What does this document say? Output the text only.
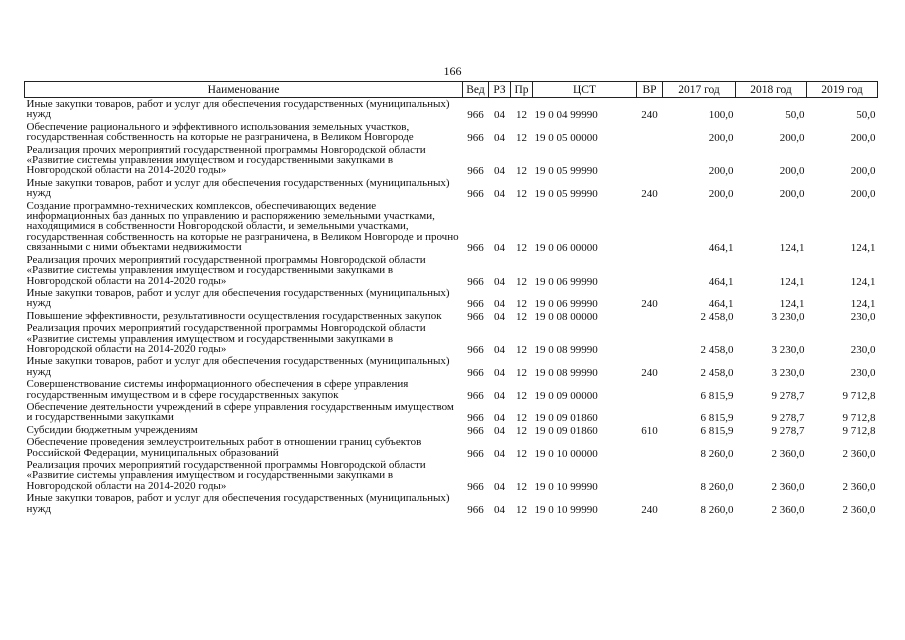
166
Наименование	Вед	РЗ	Пр	ЦСТ	ВР	2017 год	2018 год	2019 год
Иные закупки товаров, работ и услуг для обеспечения государственных (муниципальных) нужд	966	04	12	19 0 04 99990	240	100,0	50,0	50,0
Обеспечение рационального и эффективного использования земельных участков, государственная собственность на которые не разграничена, в Великом Новгороде	966	04	12	19 0 05 00000		200,0	200,0	200,0
Реализация прочих мероприятий государственной программы Новгородской области «Развитие системы управления имуществом и государственными закупками в Новгородской области на 2014-2020 годы»	966	04	12	19 0 05 99990		200,0	200,0	200,0
Иные закупки товаров, работ и услуг для обеспечения государственных (муниципальных) нужд	966	04	12	19 0 05 99990	240	200,0	200,0	200,0
Создание программно-технических комплексов, обеспечивающих ведение информационных баз данных по управлению и распоряжению земельными участками, находящимися в собственности Новгородской области, и земельными участками, государственная собственность на которые не разграничена, в Великом Новгороде и прочно связанными с ними объектами недвижимости	966	04	12	19 0 06 00000		464,1	124,1	124,1
Реализация прочих мероприятий государственной программы Новгородской области «Развитие системы управления имуществом и государственными закупками в Новгородской области на 2014-2020 годы»	966	04	12	19 0 06 99990		464,1	124,1	124,1
Иные закупки товаров, работ и услуг для обеспечения государственных (муниципальных) нужд	966	04	12	19 0 06 99990	240	464,1	124,1	124,1
Повышение эффективности, результативности осуществления государственных закупок	966	04	12	19 0 08 00000		2 458,0	3 230,0	230,0
Реализация прочих мероприятий государственной программы Новгородской области «Развитие системы управления имуществом и государственными закупками в Новгородской области на 2014-2020 годы»	966	04	12	19 0 08 99990		2 458,0	3 230,0	230,0
Иные закупки товаров, работ и услуг для обеспечения государственных (муниципальных) нужд	966	04	12	19 0 08 99990	240	2 458,0	3 230,0	230,0
Совершенствование системы информационного обеспечения в сфере управления государственным имуществом и в сфере государственных закупок	966	04	12	19 0 09 00000		6 815,9	9 278,7	9 712,8
Обеспечение деятельности учреждений в сфере управления государственным имуществом и государственными закупками	966	04	12	19 0 09 01860		6 815,9	9 278,7	9 712,8
Субсидии бюджетным учреждениям	966	04	12	19 0 09 01860	610	6 815,9	9 278,7	9 712,8
Обеспечение проведения землеустроительных работ в отношении границ субъектов Российской Федерации, муниципальных образований	966	04	12	19 0 10 00000		8 260,0	2 360,0	2 360,0
Реализация прочих мероприятий государственной программы Новгородской области «Развитие системы управления имуществом и государственными закупками в Новгородской области на 2014-2020 годы»	966	04	12	19 0 10 99990		8 260,0	2 360,0	2 360,0
Иные закупки товаров, работ и услуг для обеспечения государственных (муниципальных) нужд	966	04	12	19 0 10 99990	240	8 260,0	2 360,0	2 360,0
